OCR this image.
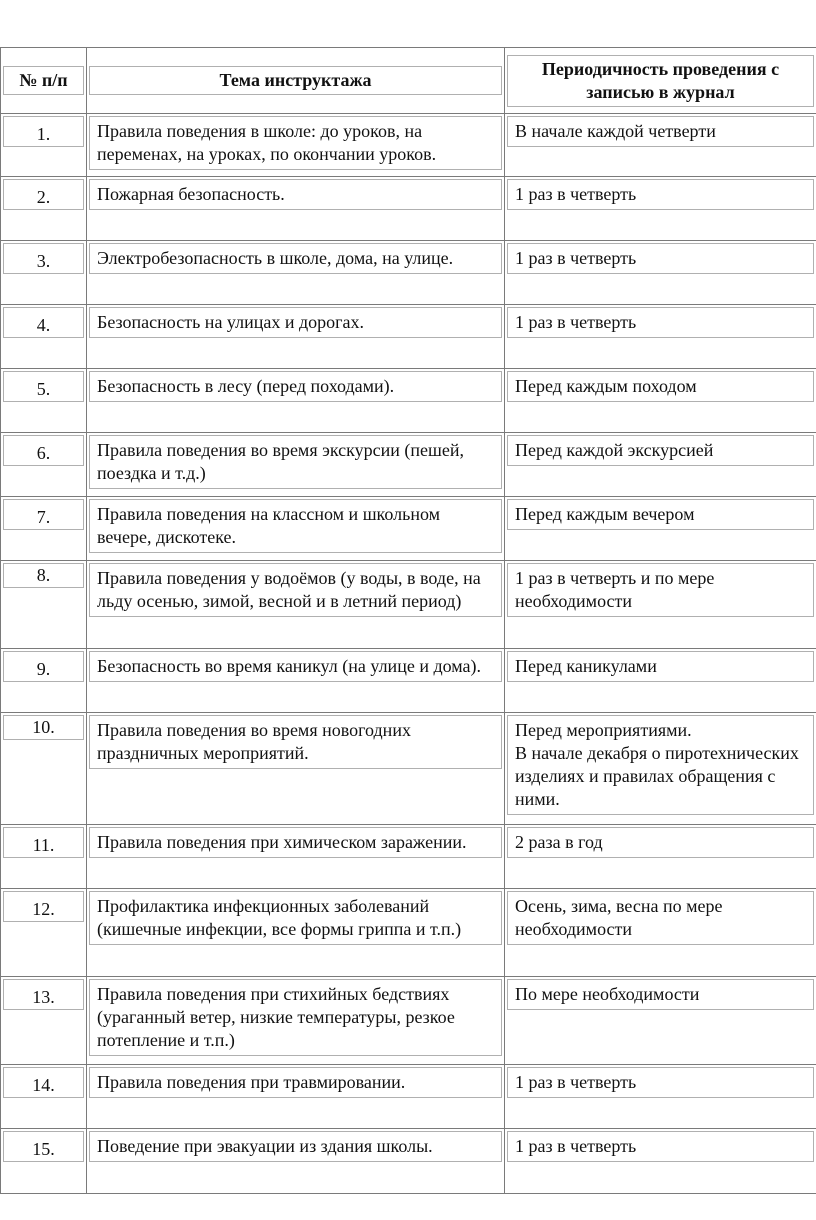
№ п/п	Тема инструктажа	Периодичность проведения с записью в журнал

1.	Правила поведения в школе: до уроков, на переменах, на уроках, по окончании уроков.	В начале каждой четверти

2.	Пожарная безопасность.	1 раз в четверть

3.	Электробезопасность в школе, дома, на улице.	1 раз в четверть

4.	Безопасность на улицах и дорогах.	1 раз в четверть

5.	Безопасность в лесу (перед походами).	Перед каждым походом

6.	Правила поведения во время экскурсии (пешей, поездка и т.д.)	Перед каждой экскурсией

7.	Правила поведения на классном и школьном вечере, дискотеке.	Перед каждым вечером

8.	Правила поведения у водоёмов (у воды, в воде, на льду осенью, зимой, весной и в летний период)	1 раз в четверть и по мере необходимости

9.	Безопасность во время каникул (на улице и дома).	Перед каникулами

10.	Правила поведения во время новогодних праздничных мероприятий.	Перед мероприятиями.
В начале декабря о пиротехнических изделиях и правилах обращения с ними.

11.	Правила поведения при химическом заражении.	2 раза в год

12.	Профилактика инфекционных заболеваний (кишечные инфекции, все формы гриппа и т.п.)	Осень, зима, весна по мере необходимости

13.	Правила поведения при стихийных бедствиях (ураганный ветер, низкие температуры, резкое потепление и т.п.)	По мере необходимости

14.	Правила поведения при травмировании.	1 раз в четверть

15.	Поведение при эвакуации из здания школы.	1 раз в четверть
